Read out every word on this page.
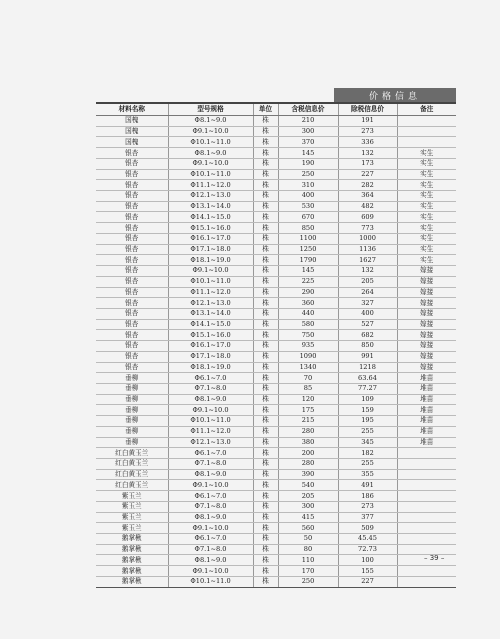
价格信息
材料名称	型号规格	单位	含税信息价	除税信息价	备注
国槐	Φ8.1~9.0	株	210	191	
国槐	Φ9.1~10.0	株	300	273	
国槐	Φ10.1~11.0	株	370	336	
银杏	Φ8.1~9.0	株	145	132	实生
银杏	Φ9.1~10.0	株	190	173	实生
银杏	Φ10.1~11.0	株	250	227	实生
银杏	Φ11.1~12.0	株	310	282	实生
银杏	Φ12.1~13.0	株	400	364	实生
银杏	Φ13.1~14.0	株	530	482	实生
银杏	Φ14.1~15.0	株	670	609	实生
银杏	Φ15.1~16.0	株	850	773	实生
银杏	Φ16.1~17.0	株	1100	1000	实生
银杏	Φ17.1~18.0	株	1250	1136	实生
银杏	Φ18.1~19.0	株	1790	1627	实生
银杏	Φ9.1~10.0	株	145	132	嫁接
银杏	Φ10.1~11.0	株	225	205	嫁接
银杏	Φ11.1~12.0	株	290	264	嫁接
银杏	Φ12.1~13.0	株	360	327	嫁接
银杏	Φ13.1~14.0	株	440	400	嫁接
银杏	Φ14.1~15.0	株	580	527	嫁接
银杏	Φ15.1~16.0	株	750	682	嫁接
银杏	Φ16.1~17.0	株	935	850	嫁接
银杏	Φ17.1~18.0	株	1090	991	嫁接
银杏	Φ18.1~19.0	株	1340	1218	嫁接
垂柳	Φ6.1~7.0	株	70	63.64	堆苗
垂柳	Φ7.1~8.0	株	85	77.27	堆苗
垂柳	Φ8.1~9.0	株	120	109	堆苗
垂柳	Φ9.1~10.0	株	175	159	堆苗
垂柳	Φ10.1~11.0	株	215	195	堆苗
垂柳	Φ11.1~12.0	株	280	255	堆苗
垂柳	Φ12.1~13.0	株	380	345	堆苗
红白黄玉兰	Φ6.1~7.0	株	200	182	
红白黄玉兰	Φ7.1~8.0	株	280	255	
红白黄玉兰	Φ8.1~9.0	株	390	355	
红白黄玉兰	Φ9.1~10.0	株	540	491	
紫玉兰	Φ6.1~7.0	株	205	186	
紫玉兰	Φ7.1~8.0	株	300	273	
紫玉兰	Φ8.1~9.0	株	415	377	
紫玉兰	Φ9.1~10.0	株	560	509	
鹅掌楸	Φ6.1~7.0	株	50	45.45	
鹅掌楸	Φ7.1~8.0	株	80	72.73	
鹅掌楸	Φ8.1~9.0	株	110	100	
鹅掌楸	Φ9.1~10.0	株	170	155	
鹅掌楸	Φ10.1~11.0	株	250	227	
– 39 –
